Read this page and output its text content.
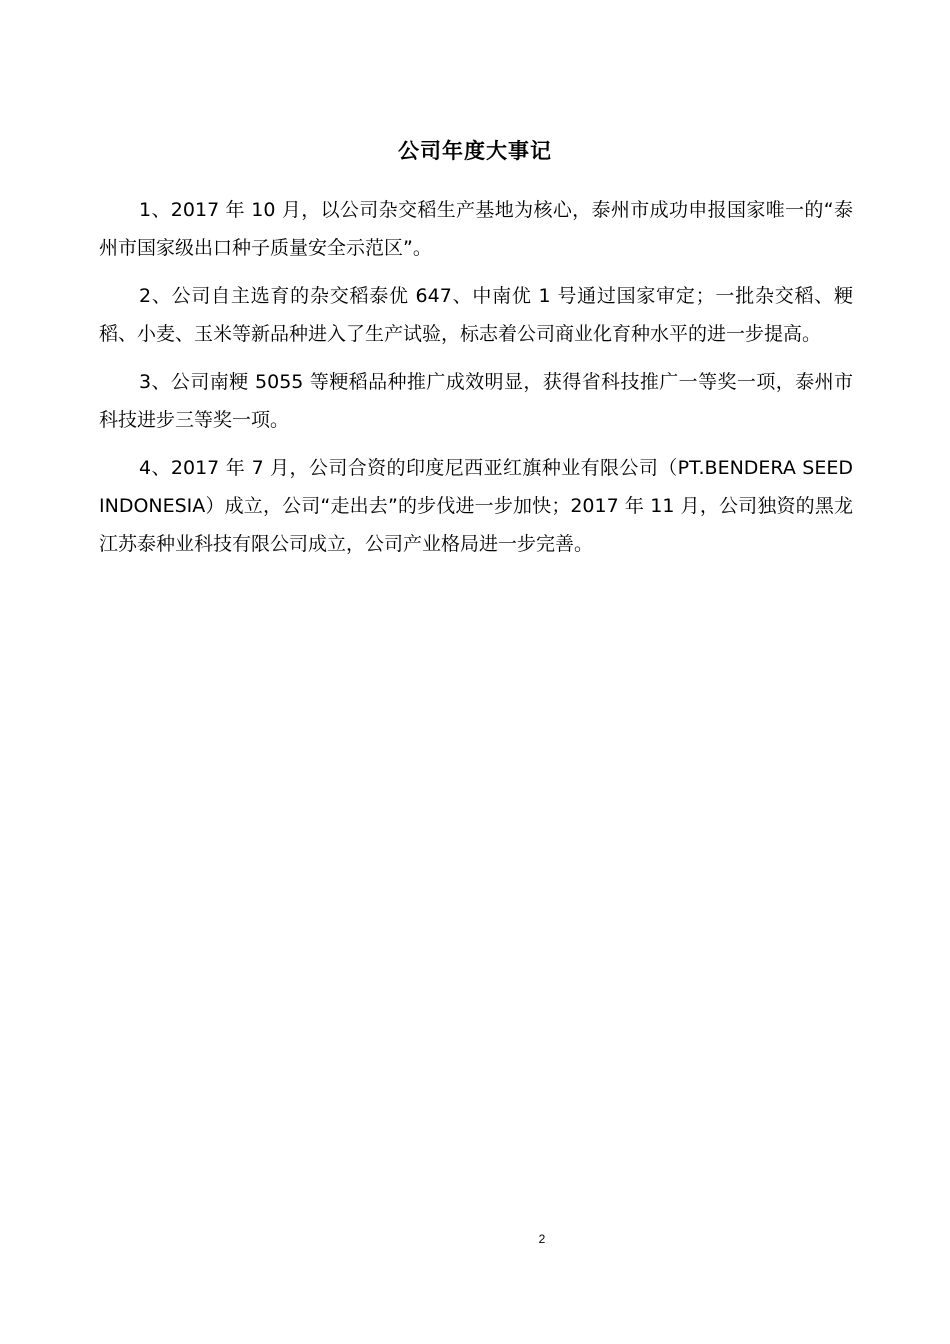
公司年度大事记

1、2017 年 10 月，以公司杂交稻生产基地为核心，泰州市成功申报国家唯一的“泰州市国家级出口种子质量安全示范区”。

2、公司自主选育的杂交稻泰优 647、中南优 1 号通过国家审定；一批杂交稻、粳稻、小麦、玉米等新品种进入了生产试验，标志着公司商业化育种水平的进一步提高。

3、公司南粳 5055 等粳稻品种推广成效明显，获得省科技推广一等奖一项，泰州市科技进步三等奖一项。

4、2017 年 7 月，公司合资的印度尼西亚红旗种业有限公司（PT.BENDERA SEED INDONESIA）成立，公司“走出去”的步伐进一步加快；2017 年 11 月，公司独资的黑龙江苏泰种业科技有限公司成立，公司产业格局进一步完善。

2
